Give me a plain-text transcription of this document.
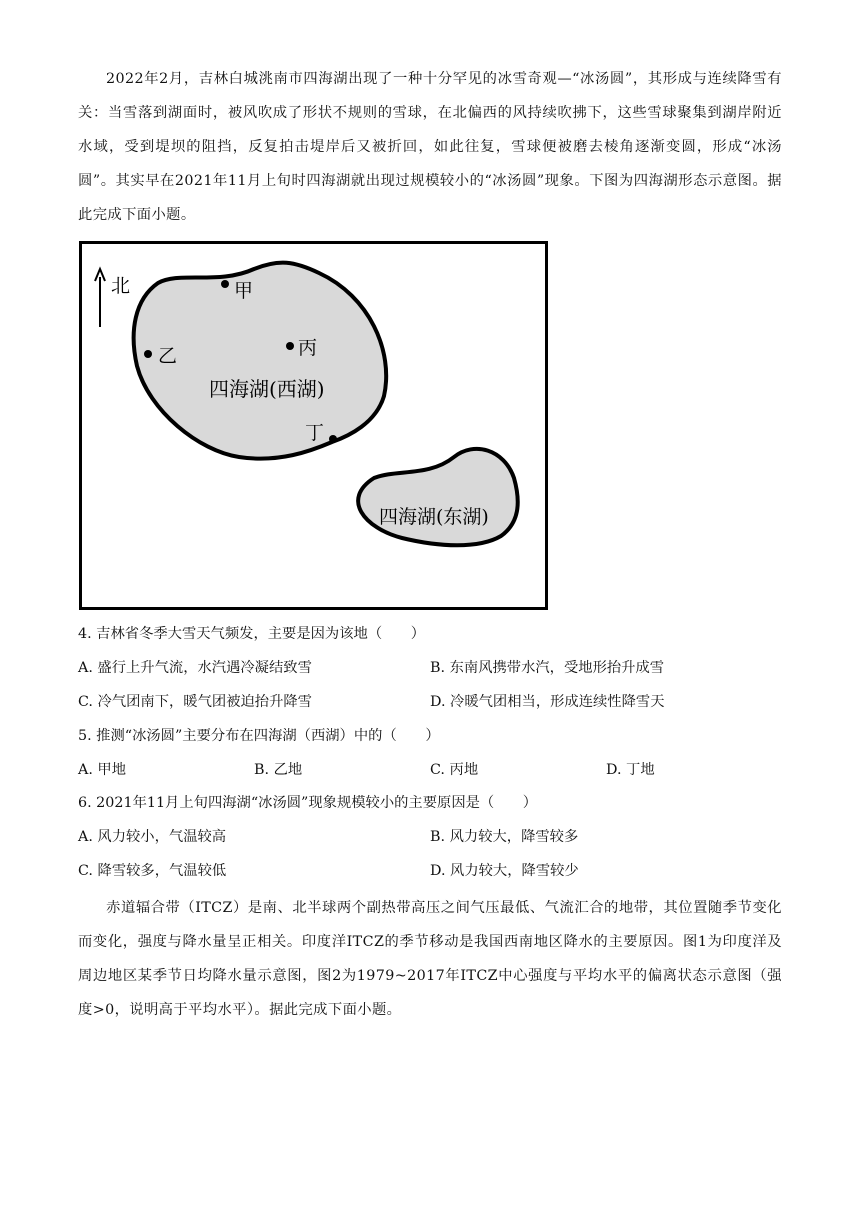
2022年2月，吉林白城洮南市四海湖出现了一种十分罕见的冰雪奇观—“冰汤圆”，其形成与连续降雪有关：当雪落到湖面时，被风吹成了形状不规则的雪球，在北偏西的风持续吹拂下，这些雪球聚集到湖岸附近水域，受到堤坝的阻挡，反复拍击堤岸后又被折回，如此往复，雪球便被磨去棱角逐渐变圆，形成“冰汤圆”。其实早在2021年11月上旬时四海湖就出现过规模较小的“冰汤圆”现象。下图为四海湖形态示意图。据此完成下面小题。
北	甲
乙	丙
丁
四海湖(西湖)
四海湖(东湖)
4. 吉林省冬季大雪天气频发，主要是因为该地（　　）
A. 盛行上升气流，水汽遇冷凝结致雪	B. 东南风携带水汽，受地形抬升成雪
C. 冷气团南下，暖气团被迫抬升降雪	D. 冷暖气团相当，形成连续性降雪天
5. 推测“冰汤圆”主要分布在四海湖（西湖）中的（　　）
A. 甲地	B. 乙地	C. 丙地	D. 丁地
6. 2021年11月上旬四海湖“冰汤圆”现象规模较小的主要原因是（　　）
A. 风力较小，气温较高	B. 风力较大，降雪较多
C. 降雪较多，气温较低	D. 风力较大，降雪较少
赤道辐合带（ITCZ）是南、北半球两个副热带高压之间气压最低、气流汇合的地带，其位置随季节变化而变化，强度与降水量呈正相关。印度洋ITCZ的季节移动是我国西南地区降水的主要原因。图1为印度洋及周边地区某季节日均降水量示意图，图2为1979~2017年ITCZ中心强度与平均水平的偏离状态示意图（强度>0，说明高于平均水平）。据此完成下面小题。
